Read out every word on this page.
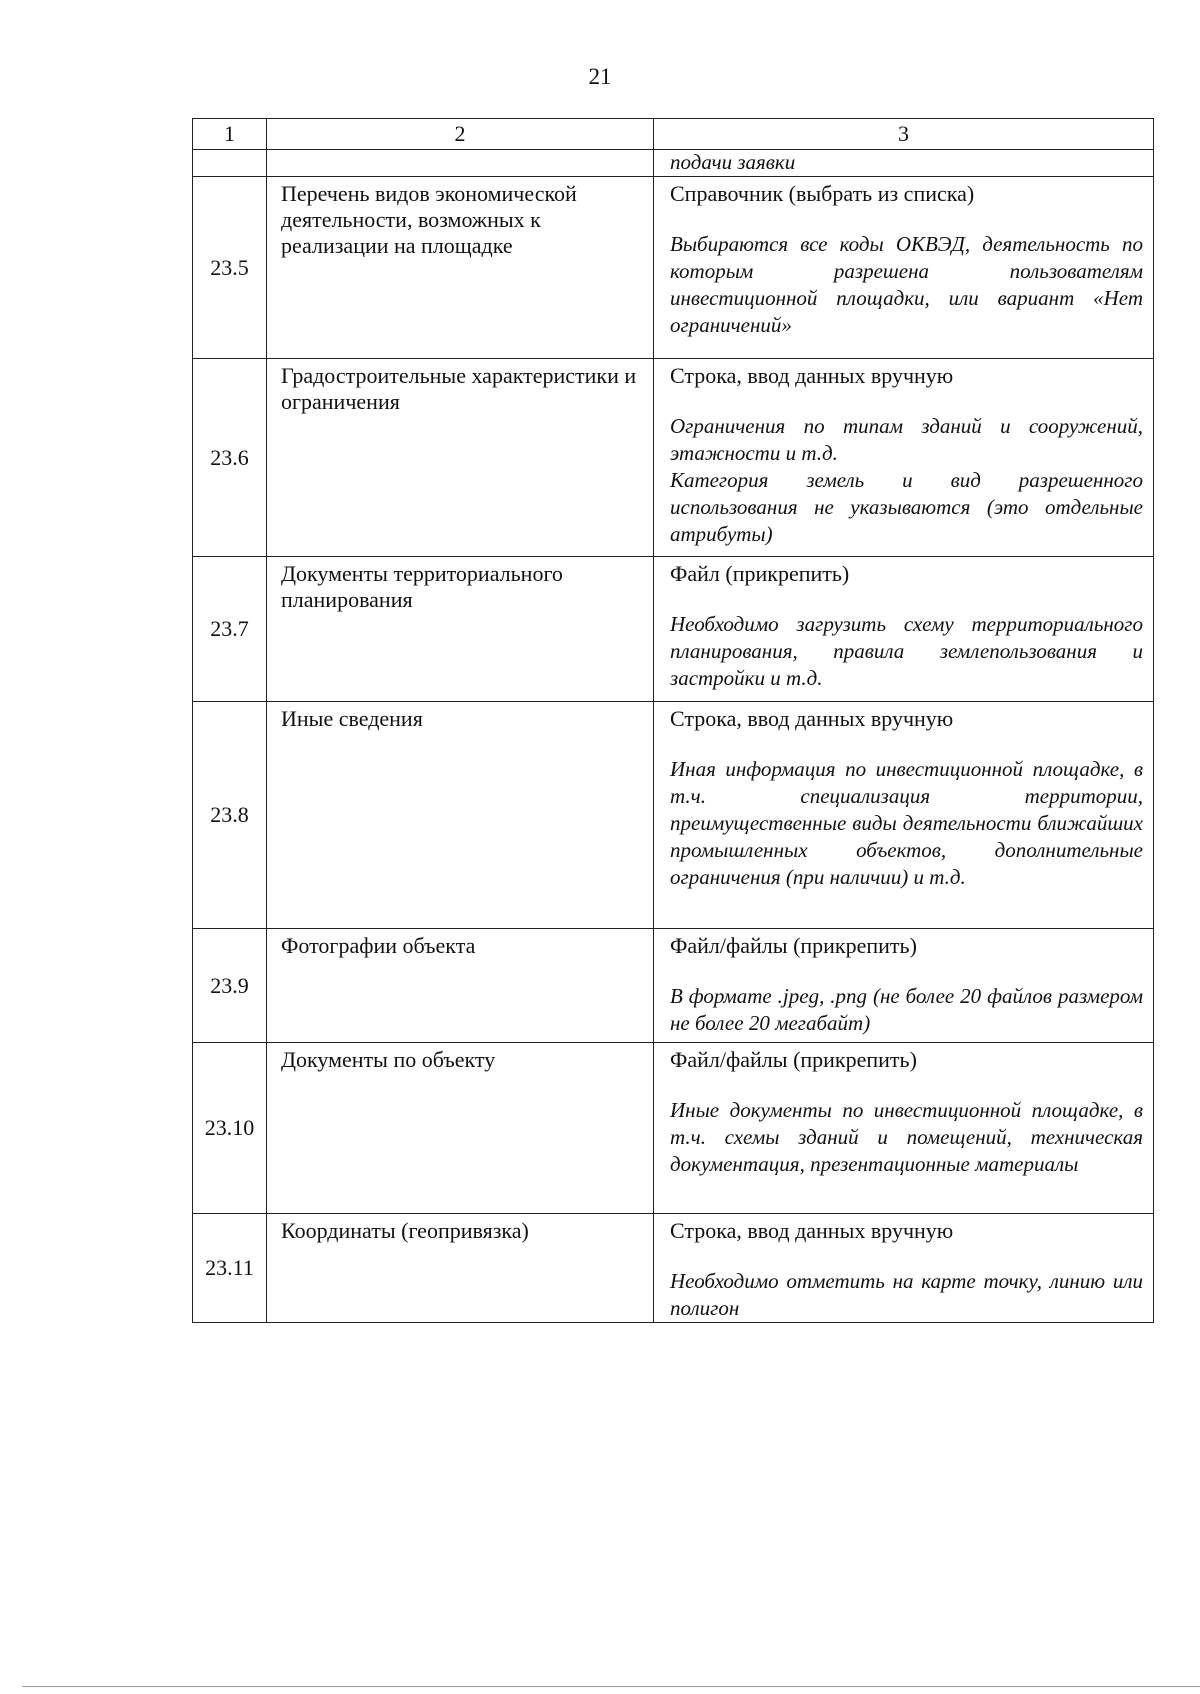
21
1	2	3

		подачи заявки

23.5	Перечень видов экономической деятельности, возможных к реализации на площадке	Справочник (выбрать из списка)
Выбираются все коды ОКВЭД, деятельность по которым разрешена пользователям инвестиционной площадки, или вариант «Нет ограничений»

23.6	Градостроительные характеристики и ограничения	Строка, ввод данных вручную
Ограничения по типам зданий и сооружений, этажности и т.д.
Категория земель и вид разрешенного использования не указываются (это отдельные атрибуты)

23.7	Документы территориального планирования	Файл (прикрепить)
Необходимо загрузить схему территориального планирования, правила землепользования и застройки и т.д.

23.8	Иные сведения	Строка, ввод данных вручную
Иная информация по инвестиционной площадке, в т.ч. специализация территории, преимущественные виды деятельности ближайших промышленных объектов, дополнительные ограничения (при наличии) и т.д.

23.9	Фотографии объекта	Файл/файлы (прикрепить)
В формате .jpeg, .png (не более 20 файлов размером не более 20 мегабайт)

23.10	Документы по объекту	Файл/файлы (прикрепить)
Иные документы по инвестиционной площадке, в т.ч. схемы зданий и помещений, техническая документация, презентационные материалы

23.11	Координаты (геопривязка)	Строка, ввод данных вручную
Необходимо отметить на карте точку, линию или полигон
